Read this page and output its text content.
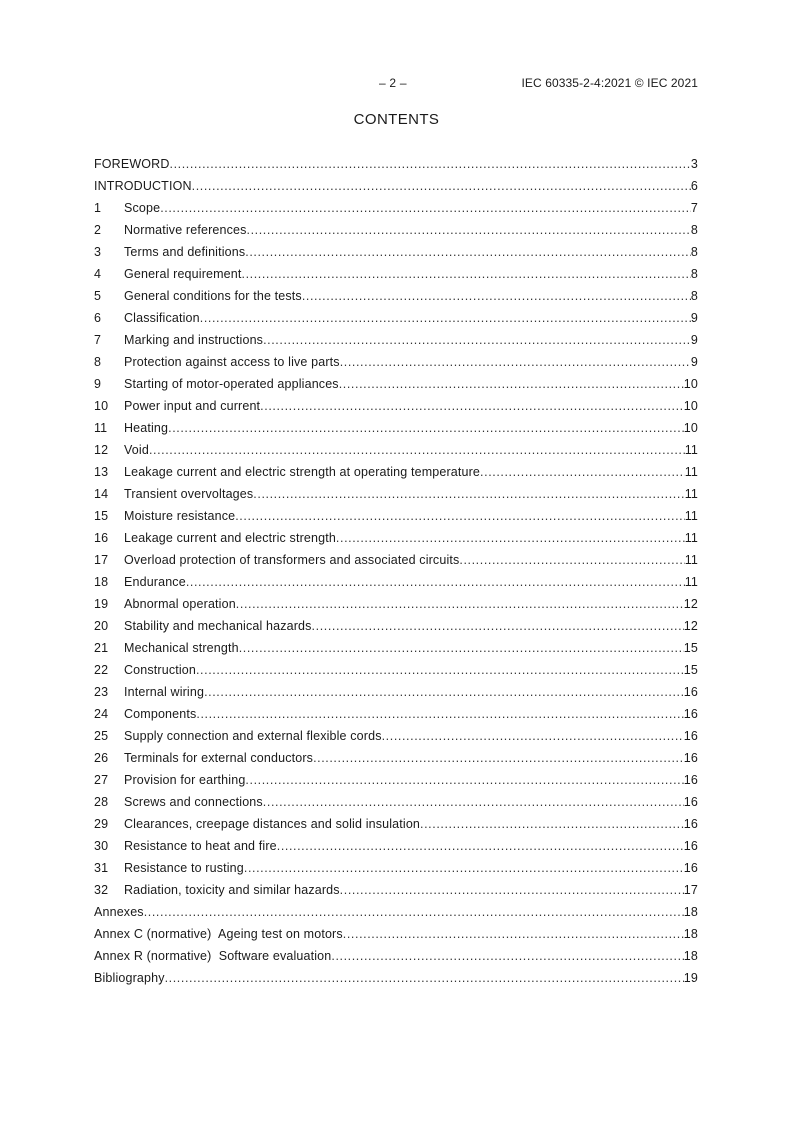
– 2 –	IEC 60335-2-4:2021 © IEC 2021
CONTENTS
FOREWORD .....	3
INTRODUCTION .....	6
1	Scope .....	7
2	Normative references .....	8
3	Terms and definitions .....	8
4	General requirement .....	8
5	General conditions for the tests .....	8
6	Classification .....	9
7	Marking and instructions .....	9
8	Protection against access to live parts .....	9
9	Starting of motor-operated appliances .....	10
10	Power input and current .....	10
11	Heating .....	10
12	Void .....	11
13	Leakage current and electric strength at operating temperature .....	11
14	Transient overvoltages .....	11
15	Moisture resistance .....	11
16	Leakage current and electric strength .....	11
17	Overload protection of transformers and associated circuits .....	11
18	Endurance .....	11
19	Abnormal operation .....	12
20	Stability and mechanical hazards .....	12
21	Mechanical strength .....	15
22	Construction .....	15
23	Internal wiring .....	16
24	Components .....	16
25	Supply connection and external flexible cords .....	16
26	Terminals for external conductors .....	16
27	Provision for earthing .....	16
28	Screws and connections .....	16
29	Clearances, creepage distances and solid insulation .....	16
30	Resistance to heat and fire .....	16
31	Resistance to rusting .....	16
32	Radiation, toxicity and similar hazards .....	17
Annexes .....	18
Annex C (normative)  Ageing test on motors .....	18
Annex R (normative)  Software evaluation .....	18
Bibliography .....	19
